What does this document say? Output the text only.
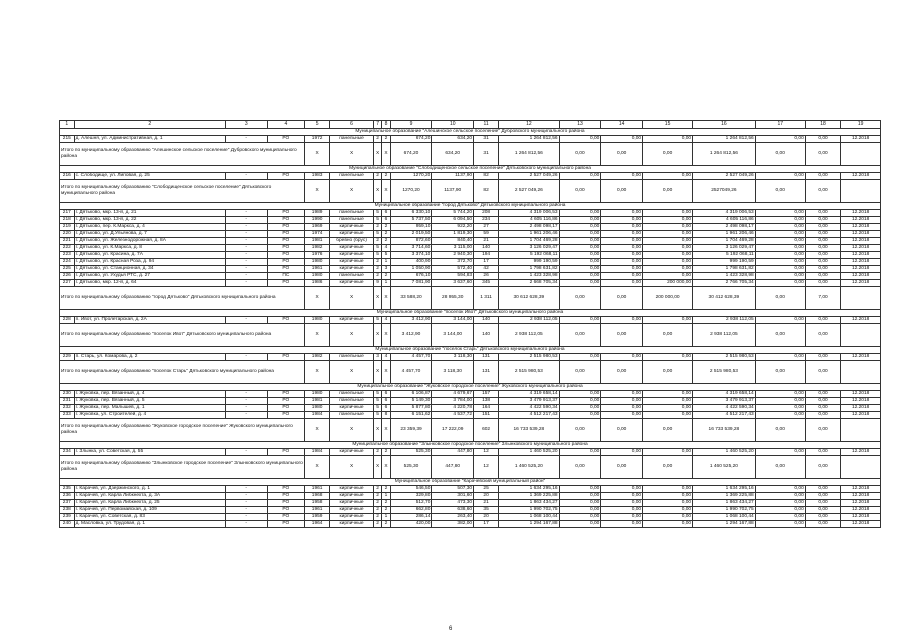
1	2	3	4	5	6	7	8	9	10	11	12	13	14	15	16	17	18	19
Муниципальное образование "Алешинское сельское поселение" Дубровского муниципального района																		
215	д. Алешня, ул. Административная, д. 1	-	РО	1972	панельные	2	2	674,20	634,20	31	1 264 812,56	0,00	0,00	0,00	1 264 812,56	0,00	0,00	12.2018
Итого по муниципальному образованию "Алешинское сельское поселение" Дубровского муниципального района				X	X	X	X	674,20	634,20	31	1 264 812,56	0,00	0,00	0,00	1 264 812,56	0,00	0,00	
Муниципальное образование "Слободищенское сельское поселение" Дятьковского муниципального района																		
216	с. Слободище, ул. Липовая, д. 25	-	РО	1983	панельные	2	2	1270,20	1137,90	82	2 527 049,26	0,00	0,00	0,00	2 527 049,26	0,00	0,00	12.2018
Итого по муниципальному образованию "Слободищенское сельское поселение" Дятьковского муниципального района				X	X	X	X	1270,20	1137,90	82	2 527 049,26	0,00	0,00	0,00	2527049,26	0,00	0,00	
Муниципальное образование "город Дятьково" Дятьковского муниципального района																		
217	г. Дятьково, мкр. 13-й, д. 21	-	РО	1989	панельные	5	6	6 330,10	5 744,20	208	4 319 006,53	0,00	0,00	0,00	4 319 006,53	0,00	0,00	12.2018
218	г. Дятьково, мкр. 13-й, д. 22	-	РО	1990	панельные	5	6	5 737,50	6 094,50	234	4 605 116,86	0,00	0,00	0,00	4 605 116,86	0,00	0,00	12.2018
219	г. Дятьково, пер. К.Маркса, д. 4	-	РО	1969	кирпичные	2	2	959,10	922,20	27	2 498 098,17	0,00	0,00	0,00	2 498 098,17	0,00	0,00	12.2018
220	г. Дятьково, ул. Д.Ульянова, д. 7	-	РО	1974	кирпичные	5	2	2 019,50	1 819,30	59	1 961 206,46	0,00	0,00	0,00	1 961 206,46	0,00	0,00	12.2018
221	г. Дятьково, ул. Железнодорожная, д. 8А	-	РО	1981	бревно (брус)	2	2	872,60	840,40	21	1 704 469,28	0,00	0,00	0,00	1 704 469,28	0,00	0,00	12.2018
222	г. Дятьково, ул. К.Маркса, д. 8	-	РО	1982	кирпичные	5	4	3 714,60	3 115,00	140	3 126 029,47	0,00	0,00	0,00	3 126 029,47	0,00	0,00	12.2018
223	г. Дятьково, ул. Красина, д. 7А	-	РО	1976	кирпичные	5	5	3 374,10	2 940,30	194	5 192 068,11	0,00	0,00	0,00	5 192 068,11	0,00	0,00	12.2018
224	г. Дятьково, ул. Красная Роза, д. 94	-	РО	1980	кирпичные	2	1	400,90	372,70	17	999 190,59	0,00	0,00	0,00	999 190,59	0,00	0,00	12.2018
225	г. Дятьково, ул. Станционная, д. 34	-	РО	1961	кирпичные	2	3	1 050,90	572,40	42	1 798 631,82	0,00	0,00	0,00	1 798 631,82	0,00	0,00	12.2018
226	г. Дятьково, ул. Ухудья РТС, д. 27	-	ПС	1980	панельные	2	2	676,10	594,83	26	1 423 328,98	0,00	0,00	0,00	1 423 328,98	0,00	0,00	12.2018
227	г. Дятьково, мкр. 12-й, д. 64	-	РО	1986	кирпичные	9	1	7 081,90	3 637,60	345	2 668 705,34	0,00	0,00	200 000,00	2 766 705,34	0,00	0,00	12.2018
Итого по муниципальному образованию "город Дятьково" Дятьковского муниципального района				X	X	X	X	33 588,20	28 955,30	1 311	30 612 628,39	0,00	0,00	200 000,00	30 412 628,39	0,00	7,00	
Муниципальное образование "поселок Ивот" Дятьковского муниципального района																		
228	п. Ивот, ул. Пролетарская, д. 2А	-	РО	1980	кирпичные	5	4	3 412,90	3 144,00	140	2 938 112,05	0,00	0,00	0,00	2 938 112,05	0,00	0,00	12.2018
Итого по муниципальному образованию "поселок Ивот" Дятьковского муниципального района				X	X	X	X	3 412,90	3 144,00	140	2 938 112,05	0,00	0,00	0,00	2 938 112,05	0,00	0,00	
Муниципальное образование "поселок Старь" Дятьковского муниципального района																		
229	п. Старь, ул. Комарова, д. 2	-	РО	1982	панельные	3	4	4 457,70	3 118,30	131	2 515 980,53	0,00	0,00	0,00	2 515 980,53	0,00	0,00	12.2018
Итого по муниципальному образованию "поселок Старь" Дятьковского муниципального района				X	X	X	X	4 457,70	3 118,30	131	2 515 980,53	0,00	0,00	0,00	2 515 980,53	0,00	0,00	
Муниципальное образование "Жуковское городское поселение" Жуковского муниципального района																		
230	г. Жуковка, пер. Вязанный, д. 4	-	РО	1980	панельные	5	6	6 106,87	4 679,67	157	4 319 658,14	0,00	0,00	0,00	4 319 658,14	0,00	0,00	12.2018
231	г. Жуковка, пер. Вязанный, д. 5	-	РО	1981	панельные	5	6	5 149,30	3 784,00	138	3 479 913,37	0,00	0,00	0,00	3 479 913,37	0,00	0,00	12.2018
232	г. Жуковка, пер. Малышев, д. 1	-	РО	1980	кирпичные	5	6	5 877,80	4 220,78	164	4 422 590,34	0,00	0,00	0,00	4 422 590,34	0,00	0,00	12.2018
233	г. Жуковка, ул. Строителей, д. 4	-	РО	1984	панельные	5	8	6 151,62	4 537,72	151	4 512 217,43	0,00	0,00	0,00	4 512 217,43	0,00	0,00	12.2018
Итого по муниципальному образованию "Жуковское городское поселение" Жуковского муниципального района				X	X	X	X	23 359,39	17 222,09	602	16 733 539,28	0,00	0,00	0,00	16 733 539,28	0,00	0,00	
Муниципальное образование "Злынковское городское поселение" Злынковского муниципального района																		
234	г. Злынка, ул. Советская, д. 55	-	РО	1984	кирпичные	2	2	525,30	447,80	12	1 460 525,20	0,00	0,00	0,00	1 460 525,20	0,00	0,00	12.2018
Итого по муниципальному образованию "Злынковское городское поселение" Злынковского муниципального района				X	X	X	X	525,30	447,80	12	1 460 525,20	0,00	0,00	0,00	1 460 525,20	0,00	0,00	
Муниципальное образование "Карачевский муниципальный район"																		
235	г. Карачев, ул. Дзержинского, д. 1	-	РО	1961	кирпичные	2	2	546,50	507,30	25	1 634 295,16	0,00	0,00	0,00	1 634 295,16	0,00	0,00	12.2018
236	г. Карачев, ул. Карла Либкнехта, д. 3А	-	РО	1968	кирпичные	2	1	329,80	301,60	20	1 369 225,88	0,00	0,00	0,00	1 369 225,88	0,00	0,00	12.2018
237	г. Карачев, ул. Карла Либкнехта, д. 25	-	РО	1958	кирпичные	2	2	512,70	473,30	21	1 863 434,27	0,00	0,00	0,00	1 863 434,27	0,00	0,00	12.2018
238	г. Карачев, ул. Первомайская, д. 109	-	РО	1961	кирпичные	2	2	662,80	638,60	35	1 990 702,75	0,00	0,00	0,00	1 990 702,75	0,00	0,00	12.2018
239	г. Карачев, ул. Советская, д. 83	-	РО	1959	кирпичные	2	1	286,14	263,40	20	1 068 100,44	0,00	0,00	0,00	1 068 100,44	0,00	0,00	12.2018
240	д. Масловка, ул. Трудовая, д. 1	-	РО	1964	кирпичные	2	2	420,00	382,00	17	1 294 167,88	0,00	0,00	0,00	1 294 167,88	0,00	0,00	12.2018
6
